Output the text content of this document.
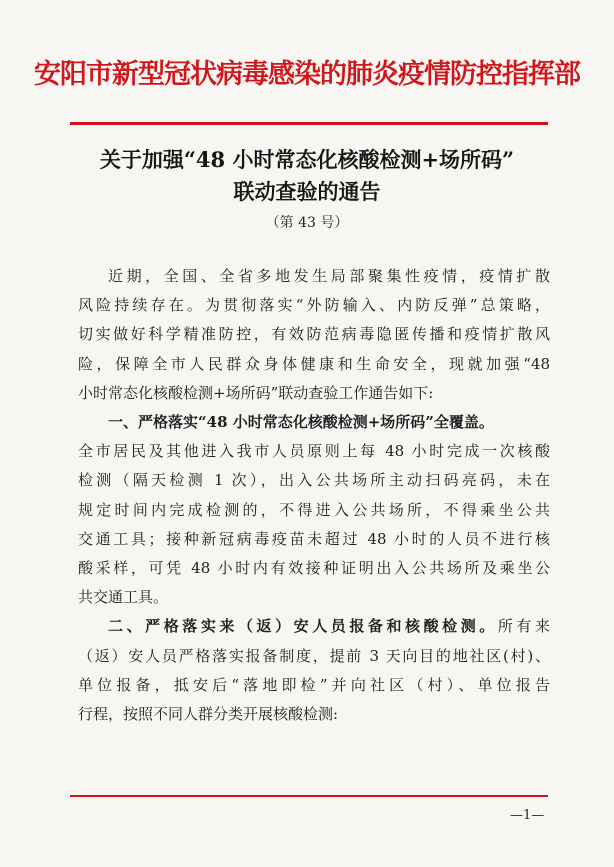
安阳市新型冠状病毒感染的肺炎疫情防控指挥部
关于加强“48 小时常态化核酸检测+场所码”
联动查验的通告
（第 43 号）
近期，全国、全省多地发生局部聚集性疫情，疫情扩散
风险持续存在。为贯彻落实“外防输入、内防反弹”总策略，
切实做好科学精准防控，有效防范病毒隐匿传播和疫情扩散风
险，保障全市人民群众身体健康和生命安全，现就加强“48
小时常态化核酸检测+场所码”联动查验工作通告如下:
一、严格落实“48 小时常态化核酸检测+场所码”全覆盖。
全市居民及其他进入我市人员原则上每 48 小时完成一次核酸
检测（隔天检测 1 次），出入公共场所主动扫码亮码，未在
规定时间内完成检测的，不得进入公共场所，不得乘坐公共
交通工具；接种新冠病毒疫苗未超过 48 小时的人员不进行核
酸采样，可凭 48 小时内有效接种证明出入公共场所及乘坐公
共交通工具。
二、严格落实来（返）安人员报备和核酸检测。所有来
（返）安人员严格落实报备制度，提前 3 天向目的地社区(村)、
单位报备，抵安后“落地即检”并向社区（村）、单位报告
行程，按照不同人群分类开展核酸检测:
—1—
